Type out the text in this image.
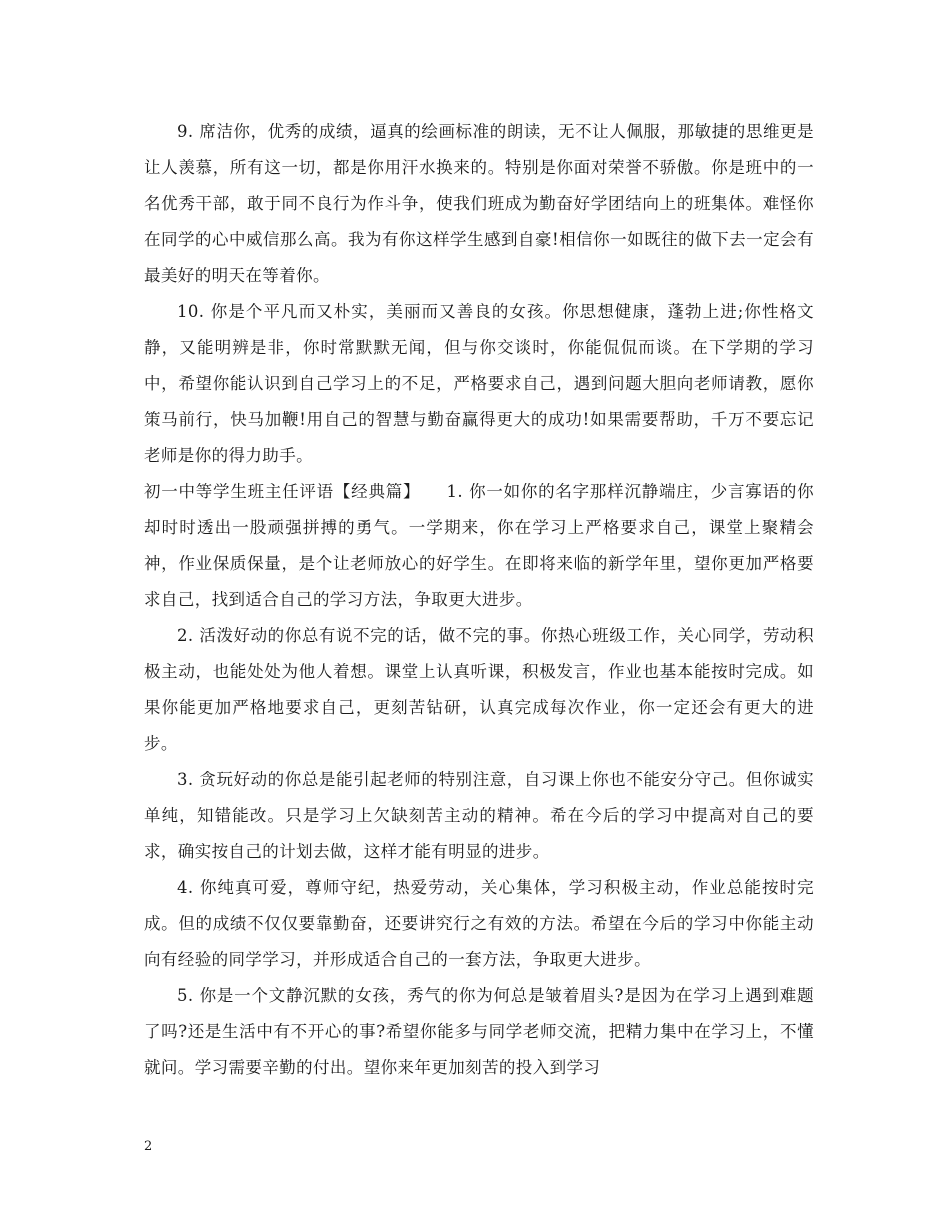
9. 席洁你，优秀的成绩，逼真的绘画标准的朗读，无不让人佩服，那敏捷的思维更是让人羡慕，所有这一切，都是你用汗水换来的。特别是你面对荣誉不骄傲。你是班中的一名优秀干部，敢于同不良行为作斗争，使我们班成为勤奋好学团结向上的班集体。难怪你在同学的心中威信那么高。我为有你这样学生感到自豪!相信你一如既往的做下去一定会有最美好的明天在等着你。

10. 你是个平凡而又朴实，美丽而又善良的女孩。你思想健康，蓬勃上进;你性格文静，又能明辨是非，你时常默默无闻，但与你交谈时，你能侃侃而谈。在下学期的学习中，希望你能认识到自己学习上的不足，严格要求自己，遇到问题大胆向老师请教，愿你策马前行，快马加鞭!用自己的智慧与勤奋赢得更大的成功!如果需要帮助，千万不要忘记老师是你的得力助手。

初一中等学生班主任评语【经典篇】　　1. 你一如你的名字那样沉静端庄，少言寡语的你却时时透出一股顽强拼搏的勇气。一学期来，你在学习上严格要求自己，课堂上聚精会神，作业保质保量，是个让老师放心的好学生。在即将来临的新学年里，望你更加严格要求自己，找到适合自己的学习方法，争取更大进步。

2. 活泼好动的你总有说不完的话，做不完的事。你热心班级工作，关心同学，劳动积极主动，也能处处为他人着想。课堂上认真听课，积极发言，作业也基本能按时完成。如果你能更加严格地要求自己，更刻苦钻研，认真完成每次作业，你一定还会有更大的进步。

3. 贪玩好动的你总是能引起老师的特别注意，自习课上你也不能安分守己。但你诚实单纯，知错能改。只是学习上欠缺刻苦主动的精神。希在今后的学习中提高对自己的要求，确实按自己的计划去做，这样才能有明显的进步。

4. 你纯真可爱，尊师守纪，热爱劳动，关心集体，学习积极主动，作业总能按时完成。但的成绩不仅仅要靠勤奋，还要讲究行之有效的方法。希望在今后的学习中你能主动向有经验的同学学习，并形成适合自己的一套方法，争取更大进步。

5. 你是一个文静沉默的女孩，秀气的你为何总是皱着眉头?是因为在学习上遇到难题了吗?还是生活中有不开心的事?希望你能多与同学老师交流，把精力集中在学习上，不懂就问。学习需要辛勤的付出。望你来年更加刻苦的投入到学习

2
